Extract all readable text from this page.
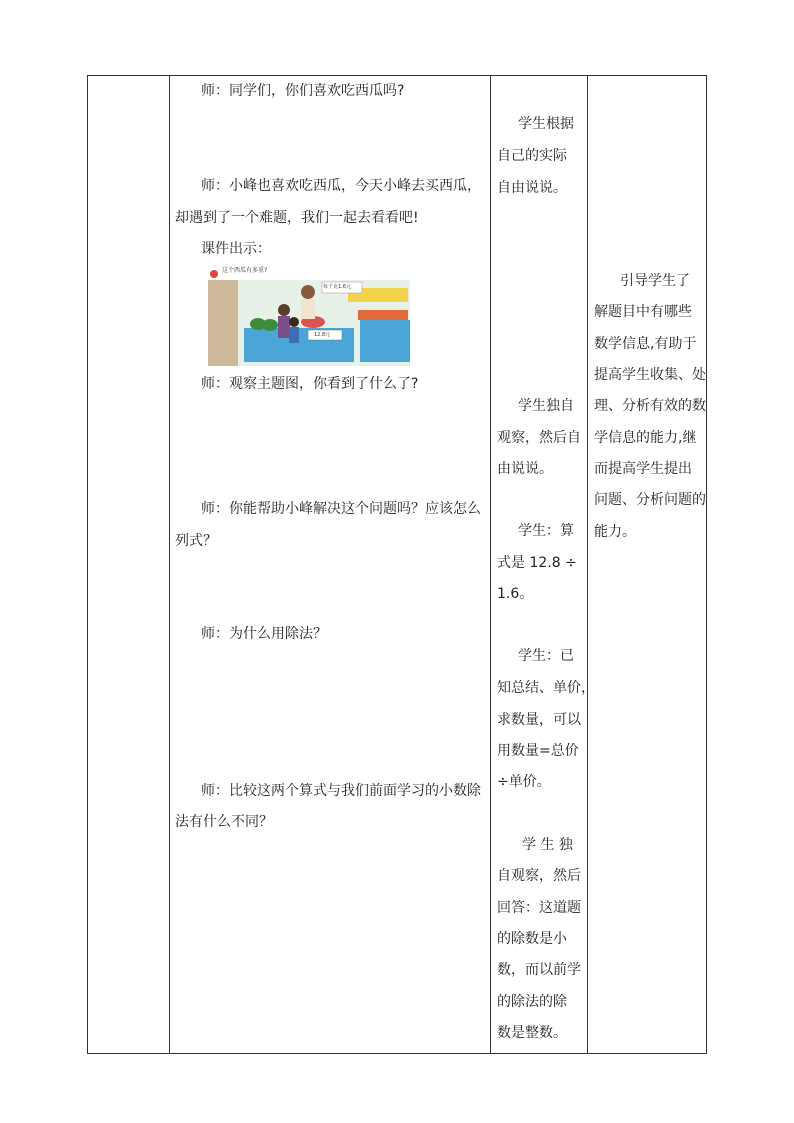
师：同学们，你们喜欢吃西瓜吗?
师：小峰也喜欢吃西瓜，今天小峰去买西瓜，
却遇到了一个难题，我们一起去看看吧!
课件出示：
这个西瓜有多重?
每千克1.6元
12.8元
师：观察主题图，你看到了什么了?
师：你能帮助小峰解决这个问题吗？应该怎么
列式？
师：为什么用除法？
师：比较这两个算式与我们前面学习的小数除
法有什么不同？
学生根据
自己的实际
自由说说。
学生独自
观察，然后自
由说说。
学生：算
式是 12.8 ÷
1.6。
学生：已
知总结、单价，
求数量，可以
用数量=总价
÷单价。
学 生 独
自观察，然后
回答：这道题
的除数是小
数，而以前学
的除法的除
数是整数。
引导学生了
解题目中有哪些
数学信息,有助于
提高学生收集、处
理、分析有效的数
学信息的能力,继
而提高学生提出
问题、分析问题的
能力。
